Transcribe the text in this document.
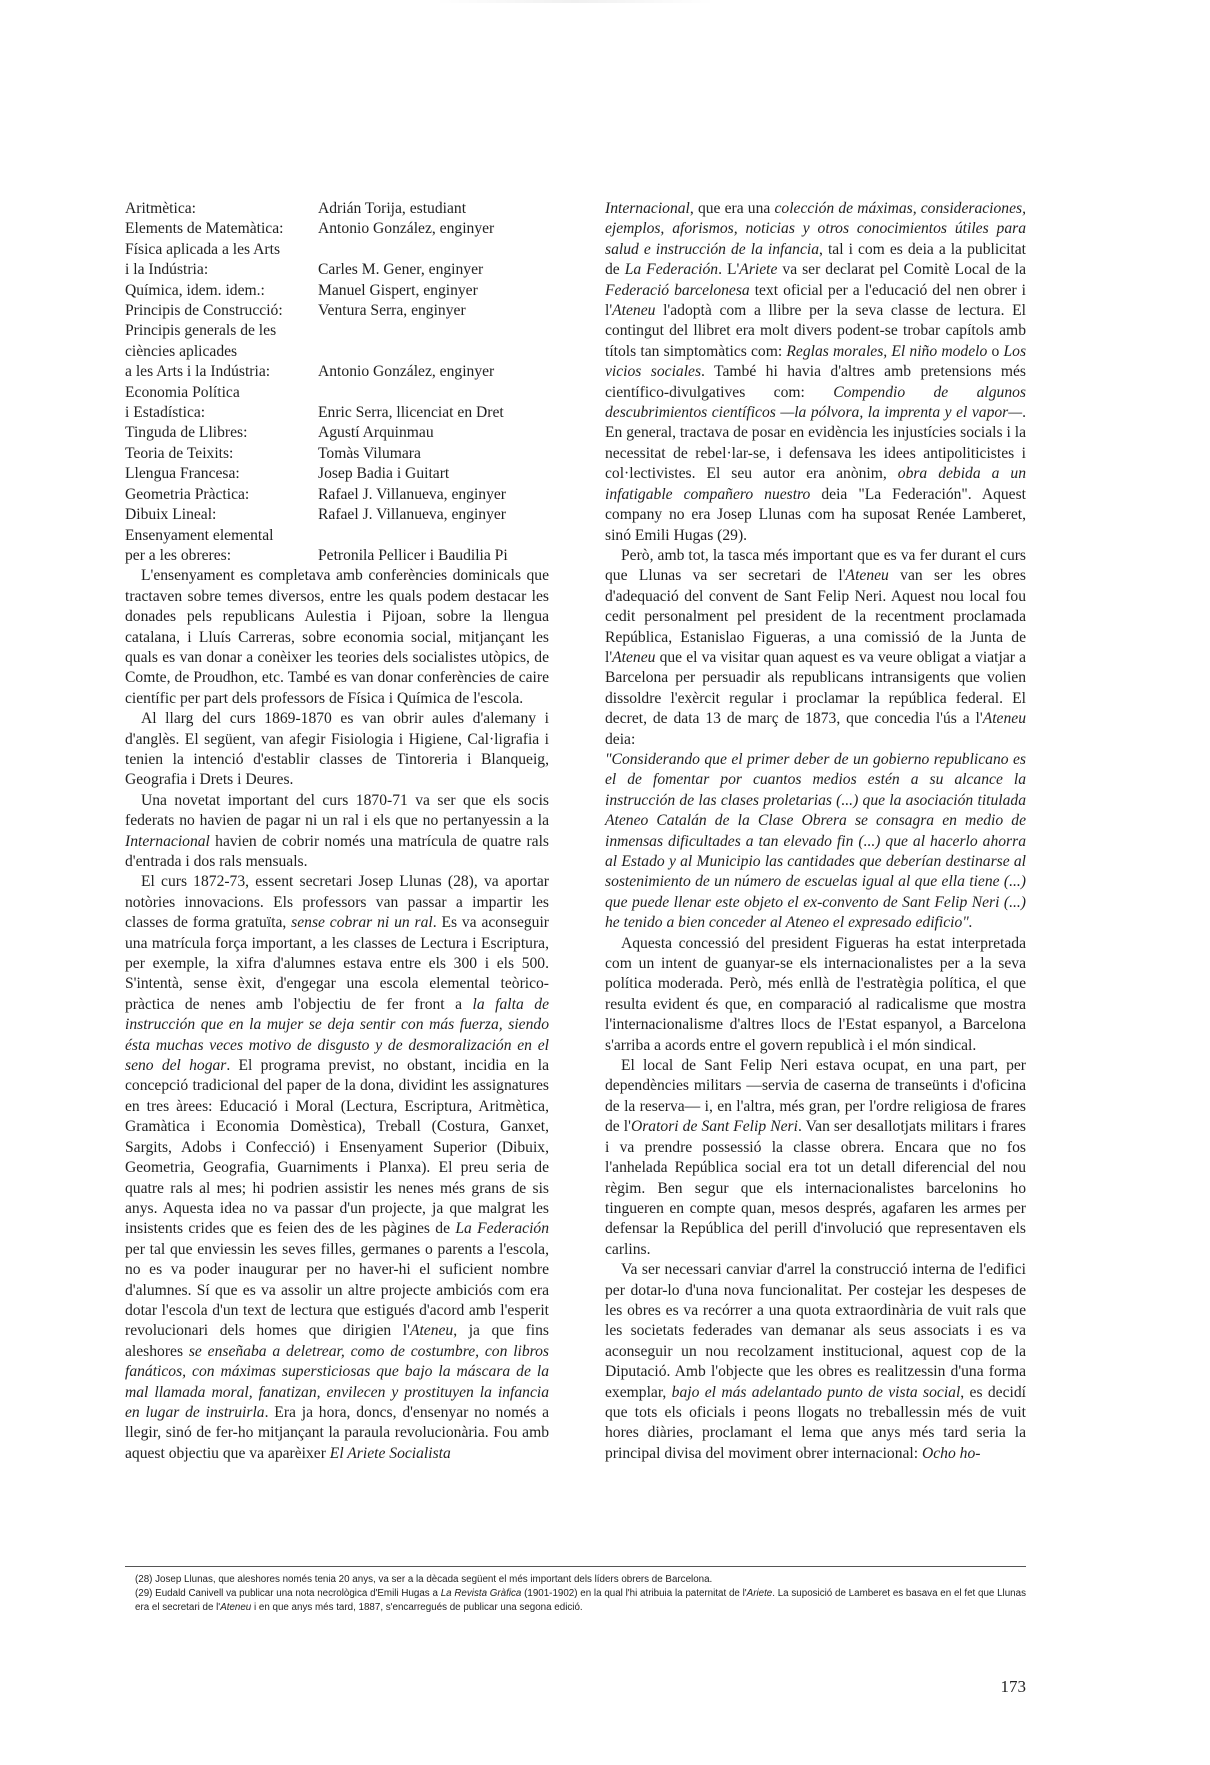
Aritmètica:	Adrián Torija, estudiant
Elements de Matemàtica:	Antonio González, enginyer
Física aplicada a les Arts
i la Indústria:	Carles M. Gener, enginyer
Química, idem. idem.:	Manuel Gispert, enginyer
Principis de Construcció:	Ventura Serra, enginyer
Principis generals de les
ciències aplicades
a les Arts i la Indústria:	Antonio González, enginyer
Economia Política
i Estadística:	Enric Serra, llicenciat en Dret
Tinguda de Llibres:	Agustí Arquinmau
Teoria de Teixits:	Tomàs Vilumara
Llengua Francesa:	Josep Badia i Guitart
Geometria Pràctica:	Rafael J. Villanueva, enginyer
Dibuix Lineal:	Rafael J. Villanueva, enginyer
Ensenyament elemental
per a les obreres:	Petronila Pellicer i Baudilia Pi

L'ensenyament es completava amb conferències dominicals que tractaven sobre temes diversos, entre les quals podem destacar les donades pels republicans Aulestia i Pijoan, sobre la llengua catalana, i Lluís Carreras, sobre economia social, mitjançant les quals es van donar a conèixer les teories dels socialistes utòpics, de Comte, de Proudhon, etc. També es van donar conferències de caire científic per part dels professors de Física i Química de l'escola.

Al llarg del curs 1869-1870 es van obrir aules d'alemany i d'anglès. El següent, van afegir Fisiologia i Higiene, Cal·ligrafia i tenien la intenció d'establir classes de Tintoreria i Blanqueig, Geografia i Drets i Deures.

Una novetat important del curs 1870-71 va ser que els socis federats no havien de pagar ni un ral i els que no pertanyessin a la Internacional havien de cobrir només una matrícula de quatre rals d'entrada i dos rals mensuals.

El curs 1872-73, essent secretari Josep Llunas (28), va aportar notòries innovacions. Els professors van passar a impartir les classes de forma gratuïta, sense cobrar ni un ral. Es va aconseguir una matrícula força important, a les classes de Lectura i Escriptura, per exemple, la xifra d'alumnes estava entre els 300 i els 500. S'intentà, sense èxit, d'engegar una escola elemental teòrico-pràctica de nenes amb l'objectiu de fer front a la falta de instrucción que en la mujer se deja sentir con más fuerza, siendo ésta muchas veces motivo de disgusto y de desmoralización en el seno del hogar. El programa previst, no obstant, incidia en la concepció tradicional del paper de la dona, dividint les assignatures en tres àrees: Educació i Moral (Lectura, Escriptura, Aritmètica, Gramàtica i Economia Domèstica), Treball (Costura, Ganxet, Sargits, Adobs i Confecció) i Ensenyament Superior (Dibuix, Geometria, Geografia, Guarniments i Planxa). El preu seria de quatre rals al mes; hi podrien assistir les nenes més grans de sis anys. Aquesta idea no va passar d'un projecte, ja que malgrat les insistents crides que es feien des de les pàgines de La Federación per tal que enviessin les seves filles, germanes o parents a l'escola, no es va poder inaugurar per no haver-hi el suficient nombre d'alumnes. Sí que es va assolir un altre projecte ambiciós com era dotar l'escola d'un text de lectura que estigués d'acord amb l'esperit revolucionari dels homes que dirigien l'Ateneu, ja que fins aleshores se enseñaba a deletrear, como de costumbre, con libros fanáticos, con máximas supersticiosas que bajo la máscara de la mal llamada moral, fanatizan, envilecen y prostituyen la infancia en lugar de instruirla. Era ja hora, doncs, d'ensenyar no només a llegir, sinó de fer-ho mitjançant la paraula revolucionària. Fou amb aquest objectiu que va aparèixer El Ariete Socialista

Internacional, que era una colección de máximas, consideraciones, ejemplos, aforismos, noticias y otros conocimientos útiles para salud e instrucción de la infancia, tal i com es deia a la publicitat de La Federación. L'Ariete va ser declarat pel Comitè Local de la Federació barcelonesa text oficial per a l'educació del nen obrer i l'Ateneu l'adoptà com a llibre per la seva classe de lectura. El contingut del llibret era molt divers podent-se trobar capítols amb títols tan simptomàtics com: Reglas morales, El niño modelo o Los vicios sociales. També hi havia d'altres amb pretensions més científico-divulgatives com: Compendio de algunos descubrimientos científicos —la pólvora, la imprenta y el vapor—. En general, tractava de posar en evidència les injustícies socials i la necessitat de rebel·lar-se, i defensava les idees antipoliticistes i col·lectivistes. El seu autor era anònim, obra debida a un infatigable compañero nuestro deia "La Federación". Aquest company no era Josep Llunas com ha suposat Renée Lamberet, sinó Emili Hugas (29).

Però, amb tot, la tasca més important que es va fer durant el curs que Llunas va ser secretari de l'Ateneu van ser les obres d'adequació del convent de Sant Felip Neri. Aquest nou local fou cedit personalment pel president de la recentment proclamada República, Estanislao Figueras, a una comissió de la Junta de l'Ateneu que el va visitar quan aquest es va veure obligat a viatjar a Barcelona per persuadir als republicans intransigents que volien dissoldre l'exèrcit regular i proclamar la república federal. El decret, de data 13 de març de 1873, que concedia l'ús a l'Ateneu deia:

"Considerando que el primer deber de un gobierno republicano es el de fomentar por cuantos medios estén a su alcance la instrucción de las clases proletarias (...) que la asociación titulada Ateneo Catalán de la Clase Obrera se consagra en medio de inmensas dificultades a tan elevado fin (...) que al hacerlo ahorra al Estado y al Municipio las cantidades que deberían destinarse al sostenimiento de un número de escuelas igual al que ella tiene (...) que puede llenar este objeto el ex-convento de Sant Felip Neri (...) he tenido a bien conceder al Ateneo el expresado edificio".

Aquesta concessió del president Figueras ha estat interpretada com un intent de guanyar-se els internacionalistes per a la seva política moderada. Però, més enllà de l'estratègia política, el que resulta evident és que, en comparació al radicalisme que mostra l'internacionalisme d'altres llocs de l'Estat espanyol, a Barcelona s'arriba a acords entre el govern republicà i el món sindical.

El local de Sant Felip Neri estava ocupat, en una part, per dependències militars —servia de caserna de transeünts i d'oficina de la reserva— i, en l'altra, més gran, per l'ordre religiosa de frares de l'Oratori de Sant Felip Neri. Van ser desallotjats militars i frares i va prendre possessió la classe obrera. Encara que no fos l'anhelada República social era tot un detall diferencial del nou règim. Ben segur que els internacionalistes barcelonins ho tingueren en compte quan, mesos després, agafaren les armes per defensar la República del perill d'involució que representaven els carlins.

Va ser necessari canviar d'arrel la construcció interna de l'edifici per dotar-lo d'una nova funcionalitat. Per costejar les despeses de les obres es va recórrer a una quota extraordinària de vuit rals que les societats federades van demanar als seus associats i es va aconseguir un nou recolzament institucional, aquest cop de la Diputació. Amb l'objecte que les obres es realitzessin d'una forma exemplar, bajo el más adelantado punto de vista social, es decidí que tots els oficials i peons llogats no treballessin més de vuit hores diàries, proclamant el lema que anys més tard seria la principal divisa del moviment obrer internacional: Ocho ho-

(28) Josep Llunas, que aleshores només tenia 20 anys, va ser a la dècada següent el més important dels líders obrers de Barcelona.

(29) Eudald Canivell va publicar una nota necrològica d'Emili Hugas a La Revista Gràfica (1901-1902) en la qual l'hi atribuia la paternitat de l'Ariete. La suposició de Lamberet es basava en el fet que Llunas era el secretari de l'Ateneu i en que anys més tard, 1887, s'encarregués de publicar una segona edició.

173
